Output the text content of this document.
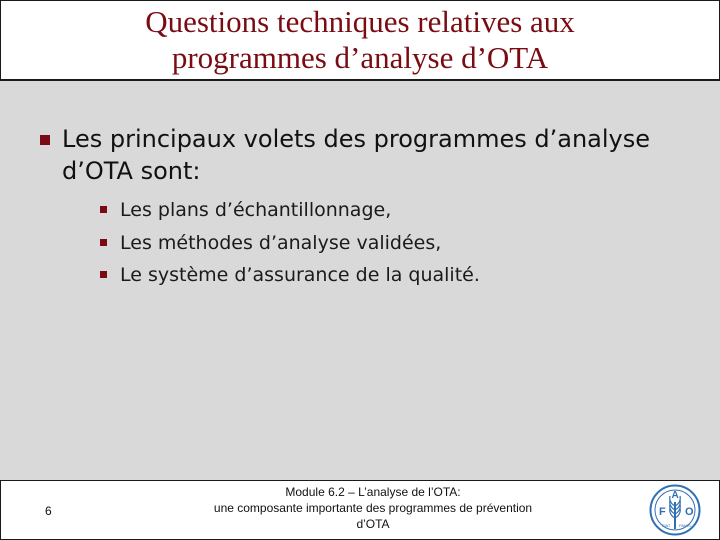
Questions techniques relatives aux
programmes d’analyse d’OTA
Les principaux volets des programmes d’analyse d’OTA sont:
Les plans d’échantillonnage,
Les méthodes d’analyse validées,
Le système d’assurance de la qualité.
6
Module 6.2 – L’analyse de l’OTA:
une composante importante des programmes de prévention
d’OTA
F O
A
FIAT PANIS
